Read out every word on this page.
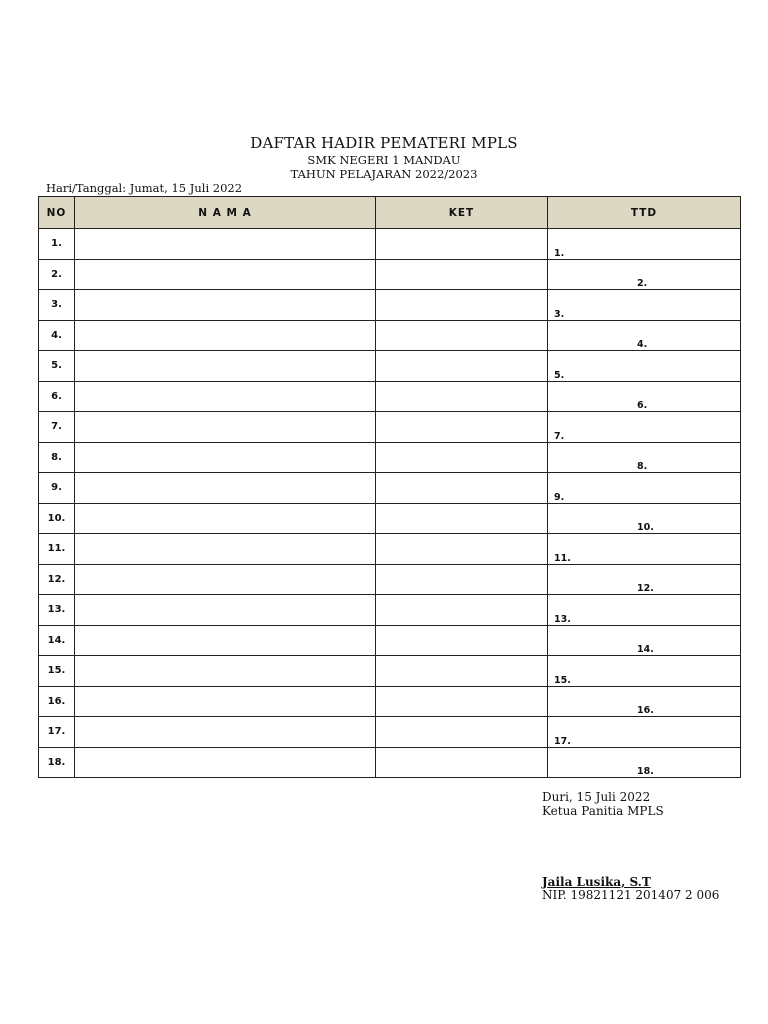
DAFTAR HADIR PEMATERI MPLS
SMK NEGERI 1 MANDAU
TAHUN PELAJARAN 2022/2023
Hari/Tanggal: Jumat, 15 Juli 2022
NO	N A M A	KET	TTD
1.			1.

2.			2.

3.			3.

4.			4.

5.			5.

6.			6.

7.			7.

8.			8.

9.			9.

10.			10.

11.			11.

12.			12.

13.			13.

14.			14.

15.			15.

16.			16.

17.			17.

18.			18.
Duri, 15 Juli 2022
Ketua Panitia MPLS
Jaila Lusika, S.T
NIP. 19821121 201407 2 006
